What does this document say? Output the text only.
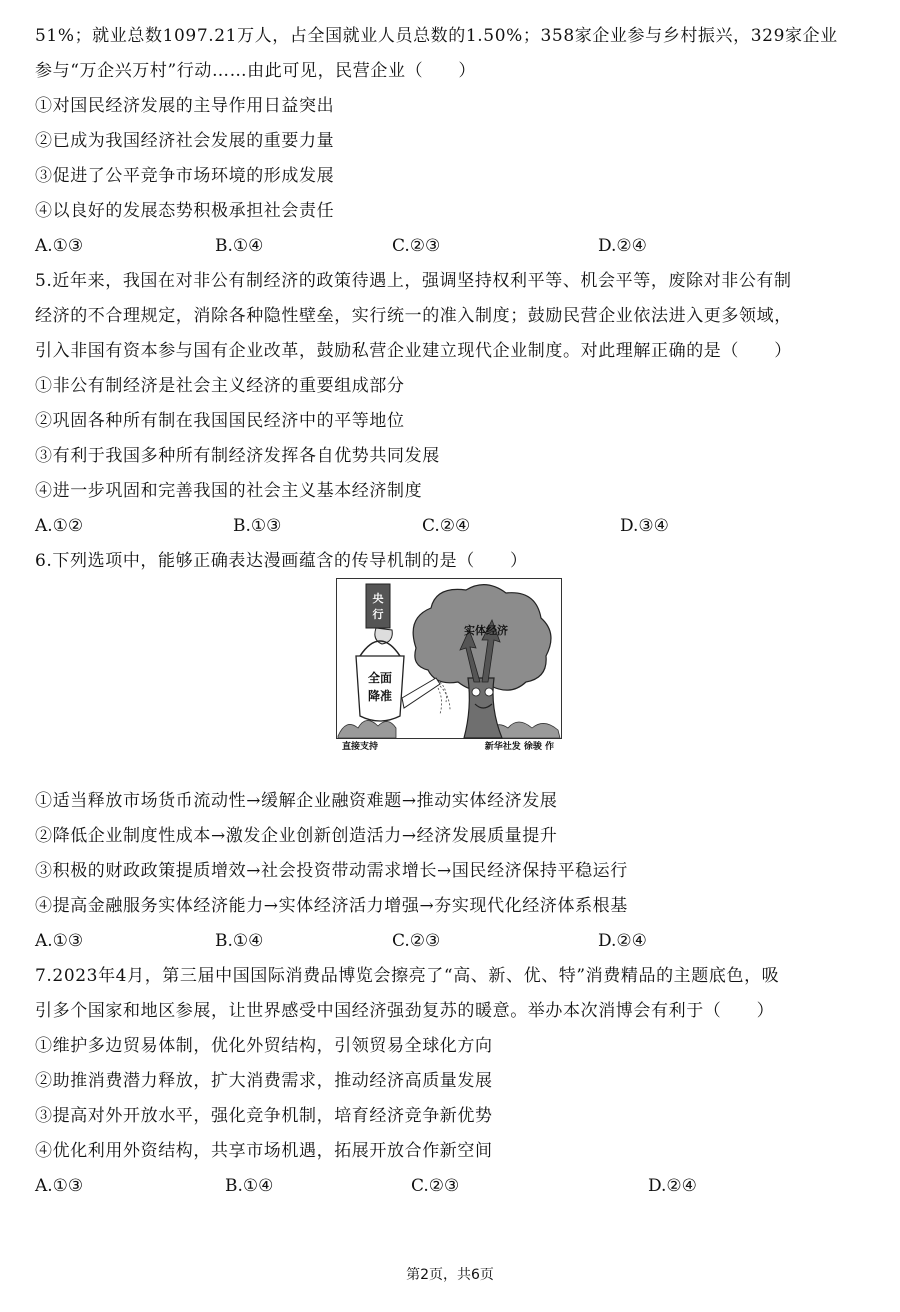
51%；就业总数1097.21万人，占全国就业人员总数的1.50%；358家企业参与乡村振兴，329家企业
参与“万企兴万村”行动……由此可见，民营企业（　　）
①对国民经济发展的主导作用日益突出
②已成为我国经济社会发展的重要力量
③促进了公平竞争市场环境的形成发展
④以良好的发展态势积极承担社会责任
A.①③	B.①④	C.②③	D.②④
5.近年来，我国在对非公有制经济的政策待遇上，强调坚持权利平等、机会平等，废除对非公有制
经济的不合理规定，消除各种隐性壁垒，实行统一的准入制度；鼓励民营企业依法进入更多领域，
引入非国有资本参与国有企业改革，鼓励私营企业建立现代企业制度。对此理解正确的是（　　）
①非公有制经济是社会主义经济的重要组成部分
②巩固各种所有制在我国国民经济中的平等地位
③有利于我国多种所有制经济发挥各自优势共同发展
④进一步巩固和完善我国的社会主义基本经济制度
A.①②	B.①③	C.②④	D.③④
6.下列选项中，能够正确表达漫画蕴含的传导机制的是（　　）
央
行
全面
降准
实体经济
直接支持	新华社发 徐骏 作
①适当释放市场货币流动性→缓解企业融资难题→推动实体经济发展
②降低企业制度性成本→激发企业创新创造活力→经济发展质量提升
③积极的财政政策提质增效→社会投资带动需求增长→国民经济保持平稳运行
④提高金融服务实体经济能力→实体经济活力增强→夯实现代化经济体系根基
A.①③	B.①④	C.②③	D.②④
7.2023年4月，第三届中国国际消费品博览会擦亮了“高、新、优、特”消费精品的主题底色，吸
引多个国家和地区参展，让世界感受中国经济强劲复苏的暖意。举办本次消博会有利于（　　）
①维护多边贸易体制，优化外贸结构，引领贸易全球化方向
②助推消费潜力释放，扩大消费需求，推动经济高质量发展
③提高对外开放水平，强化竞争机制，培育经济竞争新优势
④优化利用外资结构，共享市场机遇，拓展开放合作新空间
A.①③	B.①④	C.②③	D.②④
第2页，共6页
